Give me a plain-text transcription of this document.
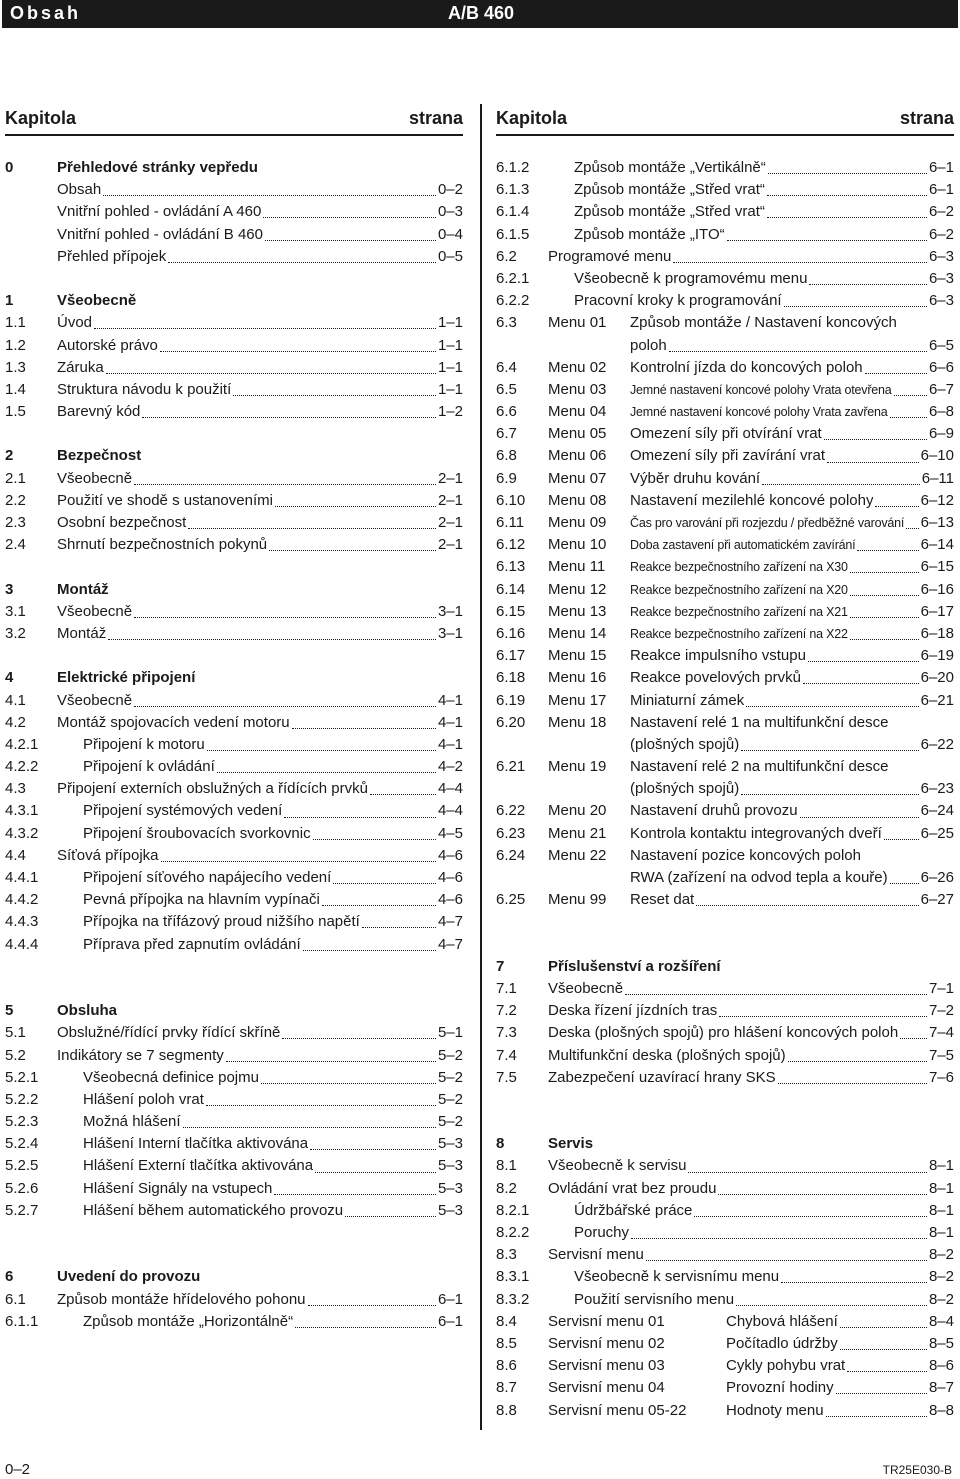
Obsah	A/B 460
Kapitola	strana
0	Přehledové stránky vepředu
Obsah	0–2
Vnitřní pohled - ovládání A 460	0–3
Vnitřní pohled - ovládání B 460	0–4
Přehled přípojek	0–5
1	Všeobecně
1.1	Úvod	1–1
1.2	Autorské právo	1–1
1.3	Záruka	1–1
1.4	Struktura návodu k použití	1–1
1.5	Barevný kód	1–2
2	Bezpečnost
2.1	Všeobecně	2–1
2.2	Použití ve shodě s ustanoveními	2–1
2.3	Osobní bezpečnost	2–1
2.4	Shrnutí bezpečnostních pokynů	2–1
3	Montáž
3.1	Všeobecně	3–1
3.2	Montáž	3–1
4	Elektrické připojení
4.1	Všeobecně	4–1
4.2	Montáž spojovacích vedení motoru	4–1
4.2.1	Připojení k motoru	4–1
4.2.2	Připojení k ovládání	4–2
4.3	Připojení externích obslužných a řídících prvků	4–4
4.3.1	Připojení systémových vedení	4–4
4.3.2	Připojení šroubovacích svorkovnic	4–5
4.4	Síťová přípojka	4–6
4.4.1	Připojení síťového napájecího vedení	4–6
4.4.2	Pevná přípojka na hlavním vypínači	4–6
4.4.3	Přípojka na třífázový proud nižšího napětí	4–7
4.4.4	Příprava před zapnutím ovládání	4–7
5	Obsluha
5.1	Obslužné/řídící prvky řídící skříně	5–1
5.2	Indikátory se 7 segmenty	5–2
5.2.1	Všeobecná definice pojmu	5–2
5.2.2	Hlášení poloh vrat	5–2
5.2.3	Možná hlášení	5–2
5.2.4	Hlášení Interní tlačítka aktivována	5–3
5.2.5	Hlášení Externí tlačítka aktivována	5–3
5.2.6	Hlášení Signály na vstupech	5–3
5.2.7	Hlášení během automatického provozu	5–3
6	Uvedení do provozu
6.1	Způsob montáže hřídelového pohonu	6–1
6.1.1	Způsob montáže „Horizontálně“	6–1
Kapitola	strana
6.1.2	Způsob montáže „Vertikálně“	6–1
6.1.3	Způsob montáže „Střed vrat“	6–1
6.1.4	Způsob montáže „Střed vrat“	6–2
6.1.5	Způsob montáže „ITO“	6–2
6.2	Programové menu	6–3
6.2.1	Všeobecně k programovému menu	6–3
6.2.2	Pracovní kroky k programování	6–3
6.3	Menu 01	Způsob montáže / Nastavení koncových
poloh	6–5
6.4	Menu 02	Kontrolní jízda do koncových poloh	6–6
6.5	Menu 03	Jemné nastavení koncové polohy Vrata otevřena 6–7
6.6	Menu 04	Jemné nastavení koncové polohy Vrata zavřena	6–8
6.7	Menu 05	Omezení síly při otvírání vrat	6–9
6.8	Menu 06	Omezení síly při zavírání vrat	6–10
6.9	Menu 07	Výběr druhu kování	6–11
6.10	Menu 08	Nastavení mezilehlé koncové polohy	6–12
6.11	Menu 09	Čas pro varování při rozjezdu / předběžné varování 6–13
6.12	Menu 10	Doba zastavení při automatickém zavírání	6–14
6.13	Menu 11	Reakce bezpečnostního zařízení na X30	6–15
6.14	Menu 12	Reakce bezpečnostního zařízení na X20	6–16
6.15	Menu 13	Reakce bezpečnostního zařízení na X21	6–17
6.16	Menu 14	Reakce bezpečnostního zařízení na X22	6–18
6.17	Menu 15	Reakce impulsního vstupu	6–19
6.18	Menu 16	Reakce povelových prvků	6–20
6.19	Menu 17	Miniaturní zámek	6–21
6.20	Menu 18	Nastavení relé 1 na multifunkční desce
(plošných spojů)	6–22
6.21	Menu 19	Nastavení relé 2 na multifunkční desce
(plošných spojů)	6–23
6.22	Menu 20	Nastavení druhů provozu	6–24
6.23	Menu 21	Kontrola kontaktu integrovaných dveří	6–25
6.24	Menu 22	Nastavení pozice koncových poloh
RWA (zařízení na odvod tepla a kouře) 6–26
6.25	Menu 99	Reset dat	6–27
7	Příslušenství a rozšíření
7.1	Všeobecně	7–1
7.2	Deska řízení jízdních tras	7–2
7.3	Deska (plošných spojů) pro hlášení koncových poloh 7–4
7.4	Multifunkční deska (plošných spojů)	7–5
7.5	Zabezpečení uzavírací hrany SKS	7–6
8	Servis
8.1	Všeobecně k servisu	8–1
8.2	Ovládání vrat bez proudu	8–1
8.2.1	Údržbářské práce	8–1
8.2.2	Poruchy	8–1
8.3	Servisní menu	8–2
8.3.1	Všeobecně k servisnímu menu	8–2
8.3.2	Použití servisního menu	8–2
8.4	Servisní menu 01	Chybová hlášení	8–4
8.5	Servisní menu 02	Počítadlo údržby	8–5
8.6	Servisní menu 03	Cykly pohybu vrat	8–6
8.7	Servisní menu 04	Provozní hodiny	8–7
8.8	Servisní menu 05-22	Hodnoty menu	8–8
0–2	TR25E030-B
